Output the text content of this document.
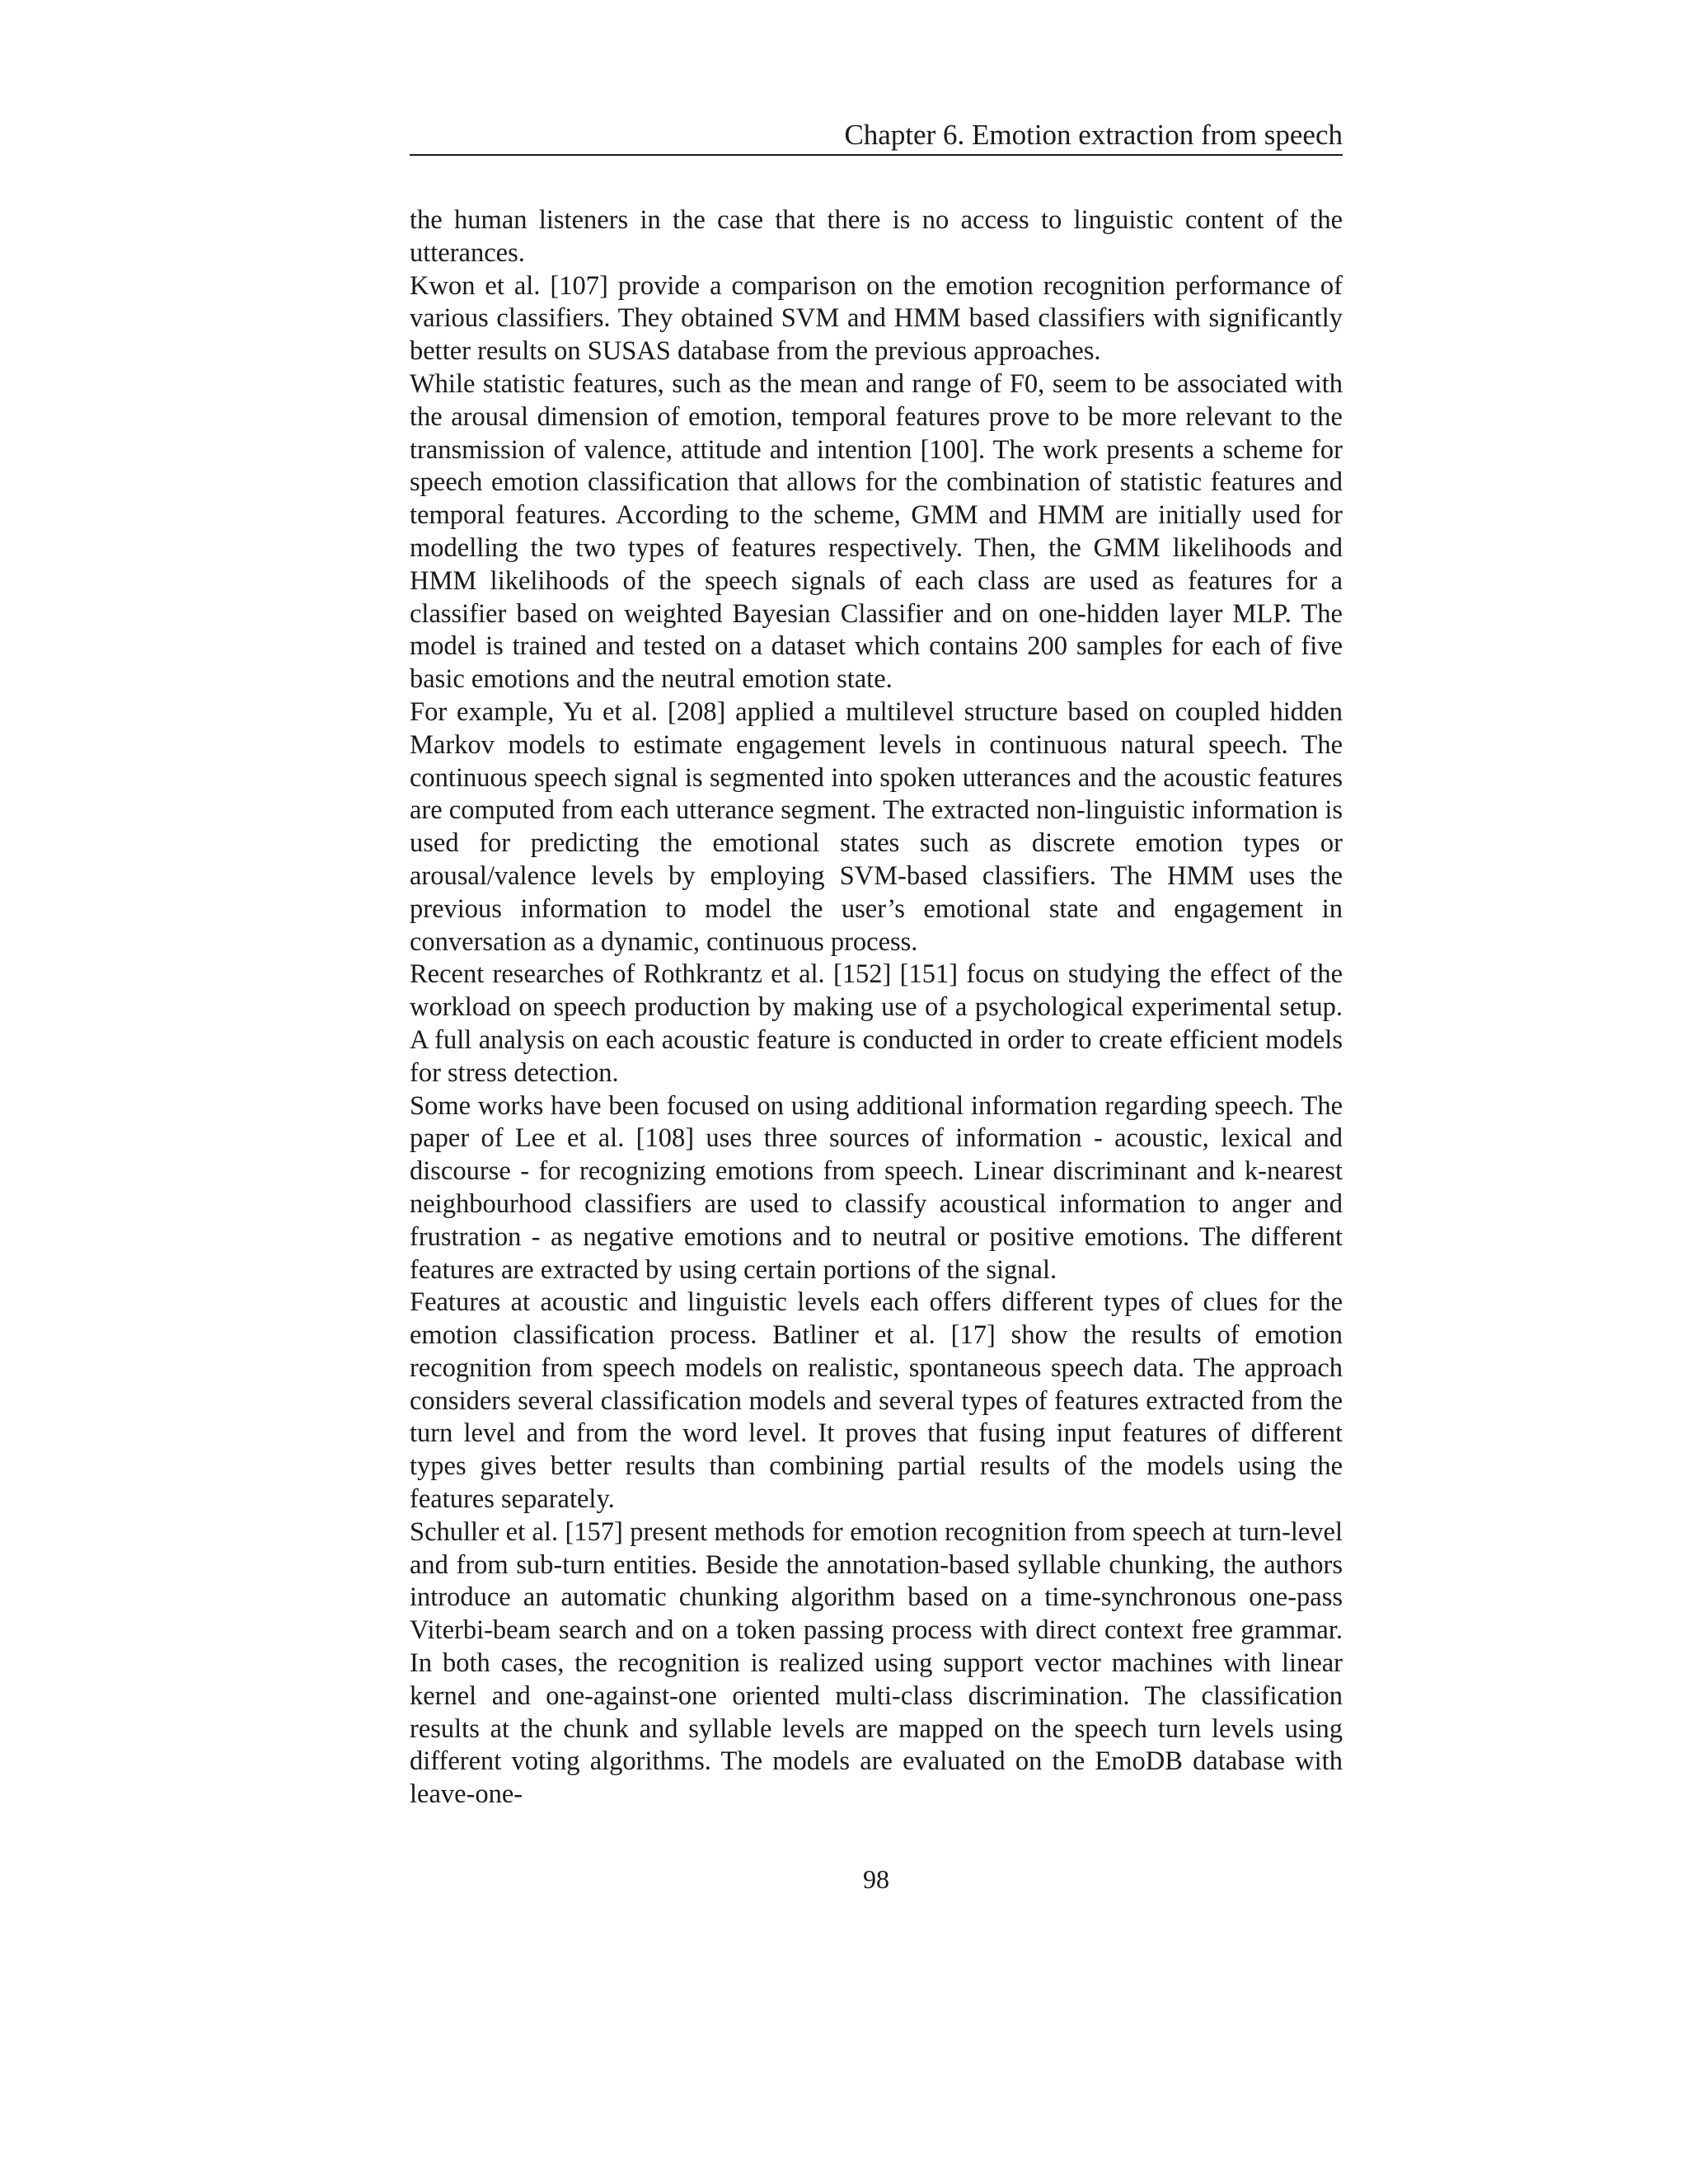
Chapter 6. Emotion extraction from speech

the human listeners in the case that there is no access to linguistic content of the utterances.

Kwon et al. [107] provide a comparison on the emotion recognition performance of various classifiers. They obtained SVM and HMM based classifiers with significantly better results on SUSAS database from the previous approaches.

While statistic features, such as the mean and range of F0, seem to be associated with the arousal dimension of emotion, temporal features prove to be more relevant to the transmission of valence, attitude and intention [100]. The work presents a scheme for speech emotion classification that allows for the combination of statistic features and temporal features. According to the scheme, GMM and HMM are initially used for modelling the two types of features respectively. Then, the GMM likelihoods and HMM likelihoods of the speech signals of each class are used as features for a classifier based on weighted Bayesian Classifier and on one-hidden layer MLP. The model is trained and tested on a dataset which contains 200 samples for each of five basic emotions and the neutral emotion state.

For example, Yu et al. [208] applied a multilevel structure based on coupled hidden Markov models to estimate engagement levels in continuous natural speech. The continuous speech signal is segmented into spoken utterances and the acoustic features are computed from each utterance segment. The extracted non-linguistic information is used for predicting the emotional states such as discrete emotion types or arousal/valence levels by employing SVM-based classifiers. The HMM uses the previous information to model the user’s emotional state and engagement in conversation as a dynamic, continuous process.

Recent researches of Rothkrantz et al. [152] [151] focus on studying the effect of the workload on speech production by making use of a psychological experimental setup. A full analysis on each acoustic feature is conducted in order to create efficient models for stress detection.

Some works have been focused on using additional information regarding speech. The paper of Lee et al. [108] uses three sources of information - acoustic, lexical and discourse - for recognizing emotions from speech. Linear discriminant and k-nearest neighbourhood classifiers are used to classify acoustical information to anger and frustration - as negative emotions and to neutral or positive emotions. The different features are extracted by using certain portions of the signal.

Features at acoustic and linguistic levels each offers different types of clues for the emotion classification process. Batliner et al. [17] show the results of emotion recognition from speech models on realistic, spontaneous speech data. The approach considers several classification models and several types of features extracted from the turn level and from the word level. It proves that fusing input features of different types gives better results than combining partial results of the models using the features separately.

Schuller et al. [157] present methods for emotion recognition from speech at turn-level and from sub-turn entities. Beside the annotation-based syllable chunking, the authors introduce an automatic chunking algorithm based on a time-synchronous one-pass Viterbi-beam search and on a token passing process with direct context free grammar. In both cases, the recognition is realized using support vector machines with linear kernel and one-against-one oriented multi-class discrimination. The classification results at the chunk and syllable levels are mapped on the speech turn levels using different voting algorithms. The models are evaluated on the EmoDB database with leave-one-

98
